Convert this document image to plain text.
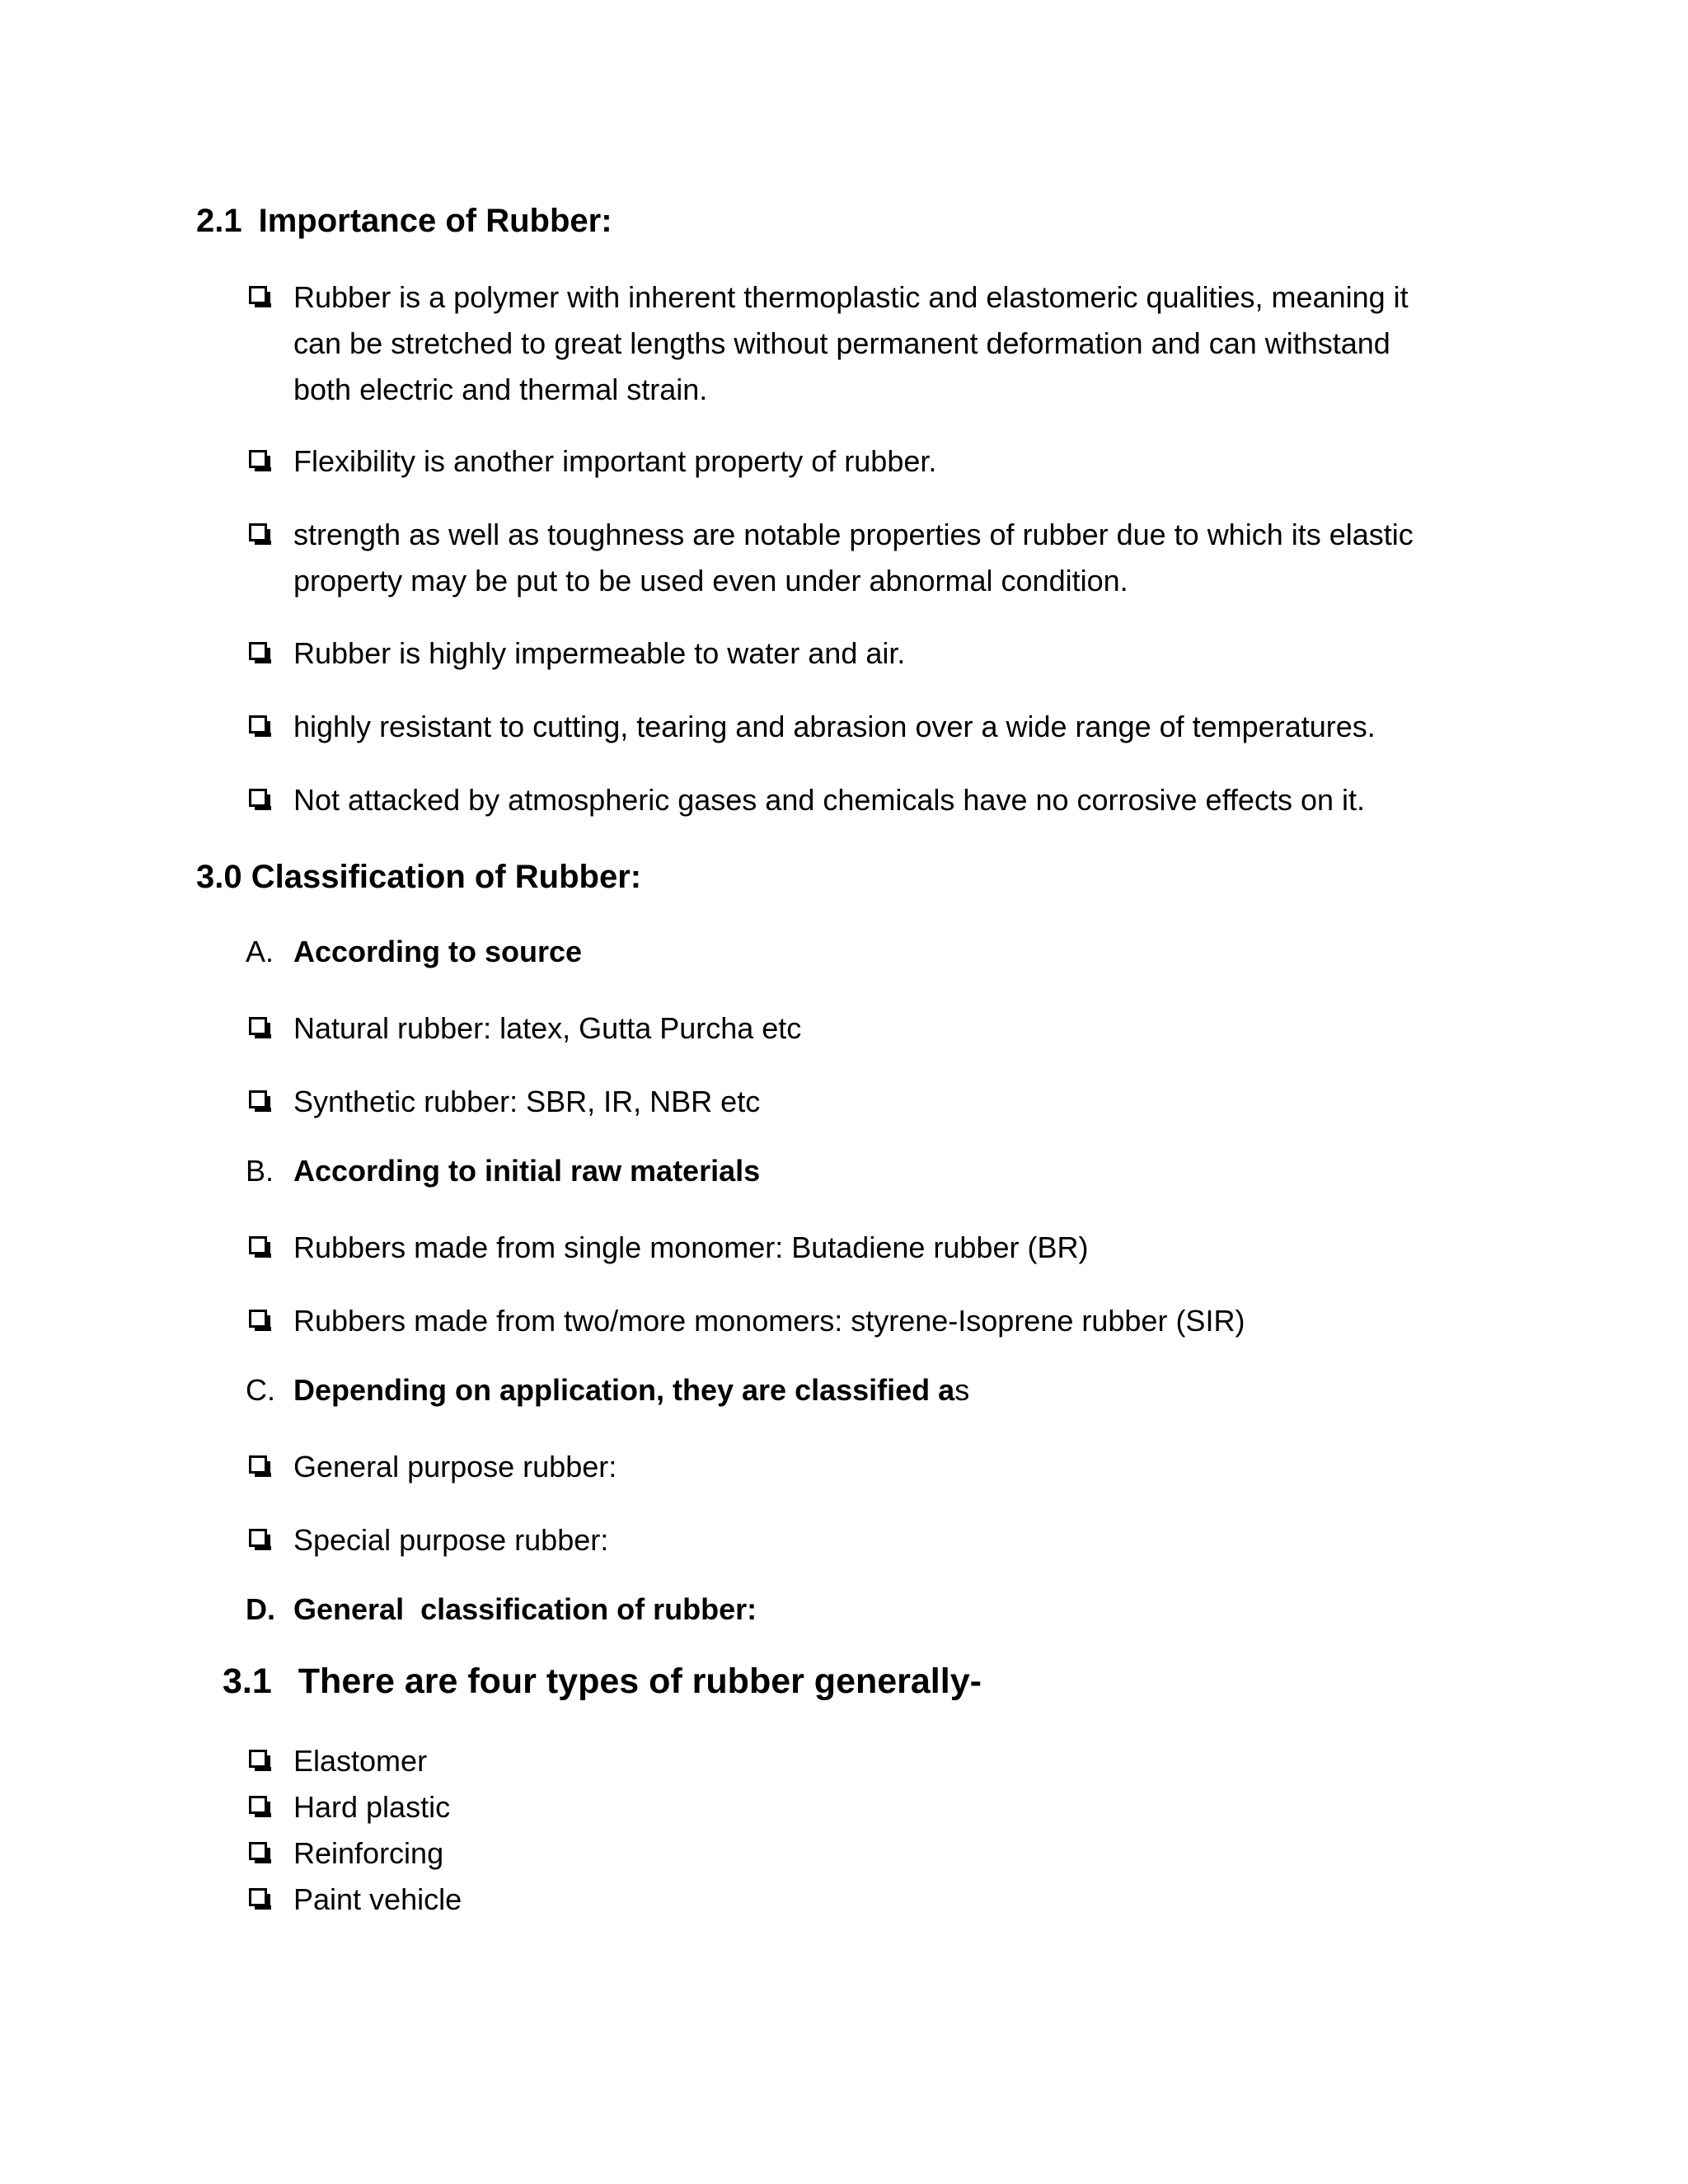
2.1 Importance of Rubber:
Rubber is a polymer with inherent thermoplastic and elastomeric qualities, meaning it
can be stretched to great lengths without permanent deformation and can withstand
both electric and thermal strain.
Flexibility is another important property of rubber.
strength as well as toughness are notable properties of rubber due to which its elastic
property may be put to be used even under abnormal condition.
Rubber is highly impermeable to water and air.
highly resistant to cutting, tearing and abrasion over a wide range of temperatures.
Not attacked by atmospheric gases and chemicals have no corrosive effects on it.
3.0 Classification of Rubber:
A. According to source
Natural rubber: latex, Gutta Purcha etc
Synthetic rubber: SBR, IR, NBR etc
B. According to initial raw materials
Rubbers made from single monomer: Butadiene rubber (BR)
Rubbers made from two/more monomers: styrene-Isoprene rubber (SIR)
C. Depending on application, they are classified as
General purpose rubber:
Special purpose rubber:
D. General  classification of rubber:
3.1 There are four types of rubber generally-
Elastomer
Hard plastic
Reinforcing
Paint vehicle
